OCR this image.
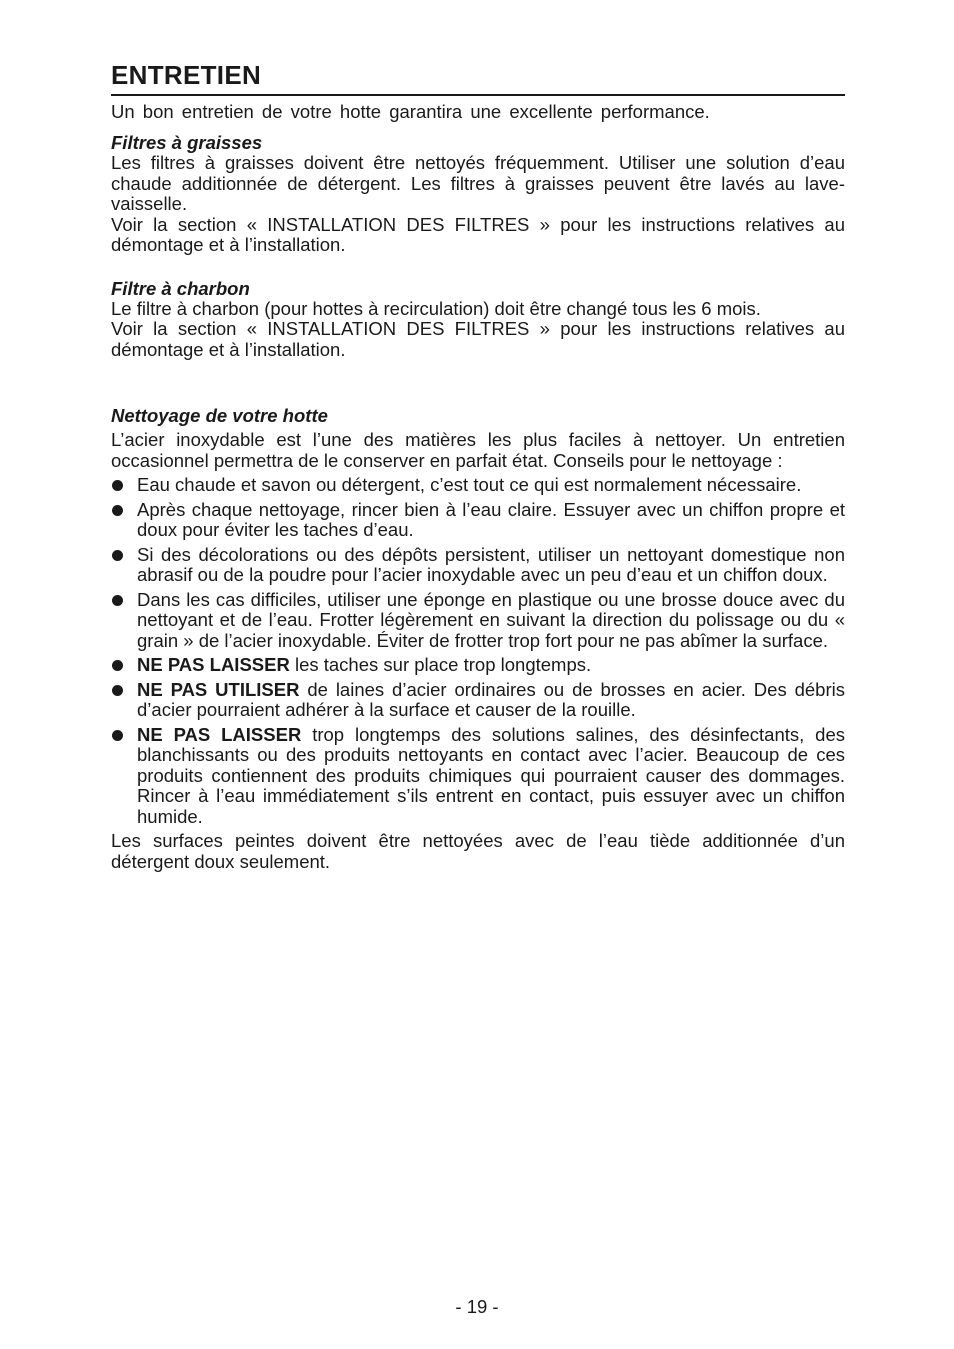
ENTRETIEN

Un bon entretien de votre hotte garantira une excellente performance.

Filtres à graisses

Les filtres à graisses doivent être nettoyés fréquemment. Utiliser une solution d’eau chaude additionnée de détergent. Les filtres à graisses peuvent être lavés au lave-vaisselle.

Voir la section « INSTALLATION DES FILTRES » pour les instructions relatives au démontage et à l’installation.

Filtre à charbon

Le filtre à charbon (pour hottes à recirculation) doit être changé tous les 6 mois.

Voir la section « INSTALLATION DES FILTRES » pour les instructions relatives au démontage et à l’installation.

Nettoyage de votre hotte

L’acier inoxydable est l’une des matières les plus faciles à nettoyer. Un entretien occasionnel permettra de le conserver en parfait état. Conseils pour le nettoyage :

Eau chaude et savon ou détergent, c’est tout ce qui est normalement nécessaire.
Après chaque nettoyage, rincer bien à l’eau claire. Essuyer avec un chiffon propre et doux pour éviter les taches d’eau.
Si des décolorations ou des dépôts persistent, utiliser un nettoyant domestique non abrasif ou de la poudre pour l’acier inoxydable avec un peu d’eau et un chiffon doux.
Dans les cas difficiles, utiliser une éponge en plastique ou une brosse douce avec du nettoyant et de l’eau. Frotter légèrement en suivant la direction du polissage ou du « grain » de l’acier inoxydable. Éviter de frotter trop fort pour ne pas abîmer la surface.
NE PAS LAISSER les taches sur place trop longtemps.
NE PAS UTILISER de laines d’acier ordinaires ou de brosses en acier. Des débris d’acier pourraient adhérer à la surface et causer de la rouille.
NE PAS LAISSER trop longtemps des solutions salines, des désinfectants, des blanchissants ou des produits nettoyants en contact avec l’acier. Beaucoup de ces produits contiennent des produits chimiques qui pourraient causer des dommages. Rincer à l’eau immédiatement s’ils entrent en contact, puis essuyer avec un chiffon humide.

Les surfaces peintes doivent être nettoyées avec de l’eau tiède additionnée d’un détergent doux seulement.

- 19 -
